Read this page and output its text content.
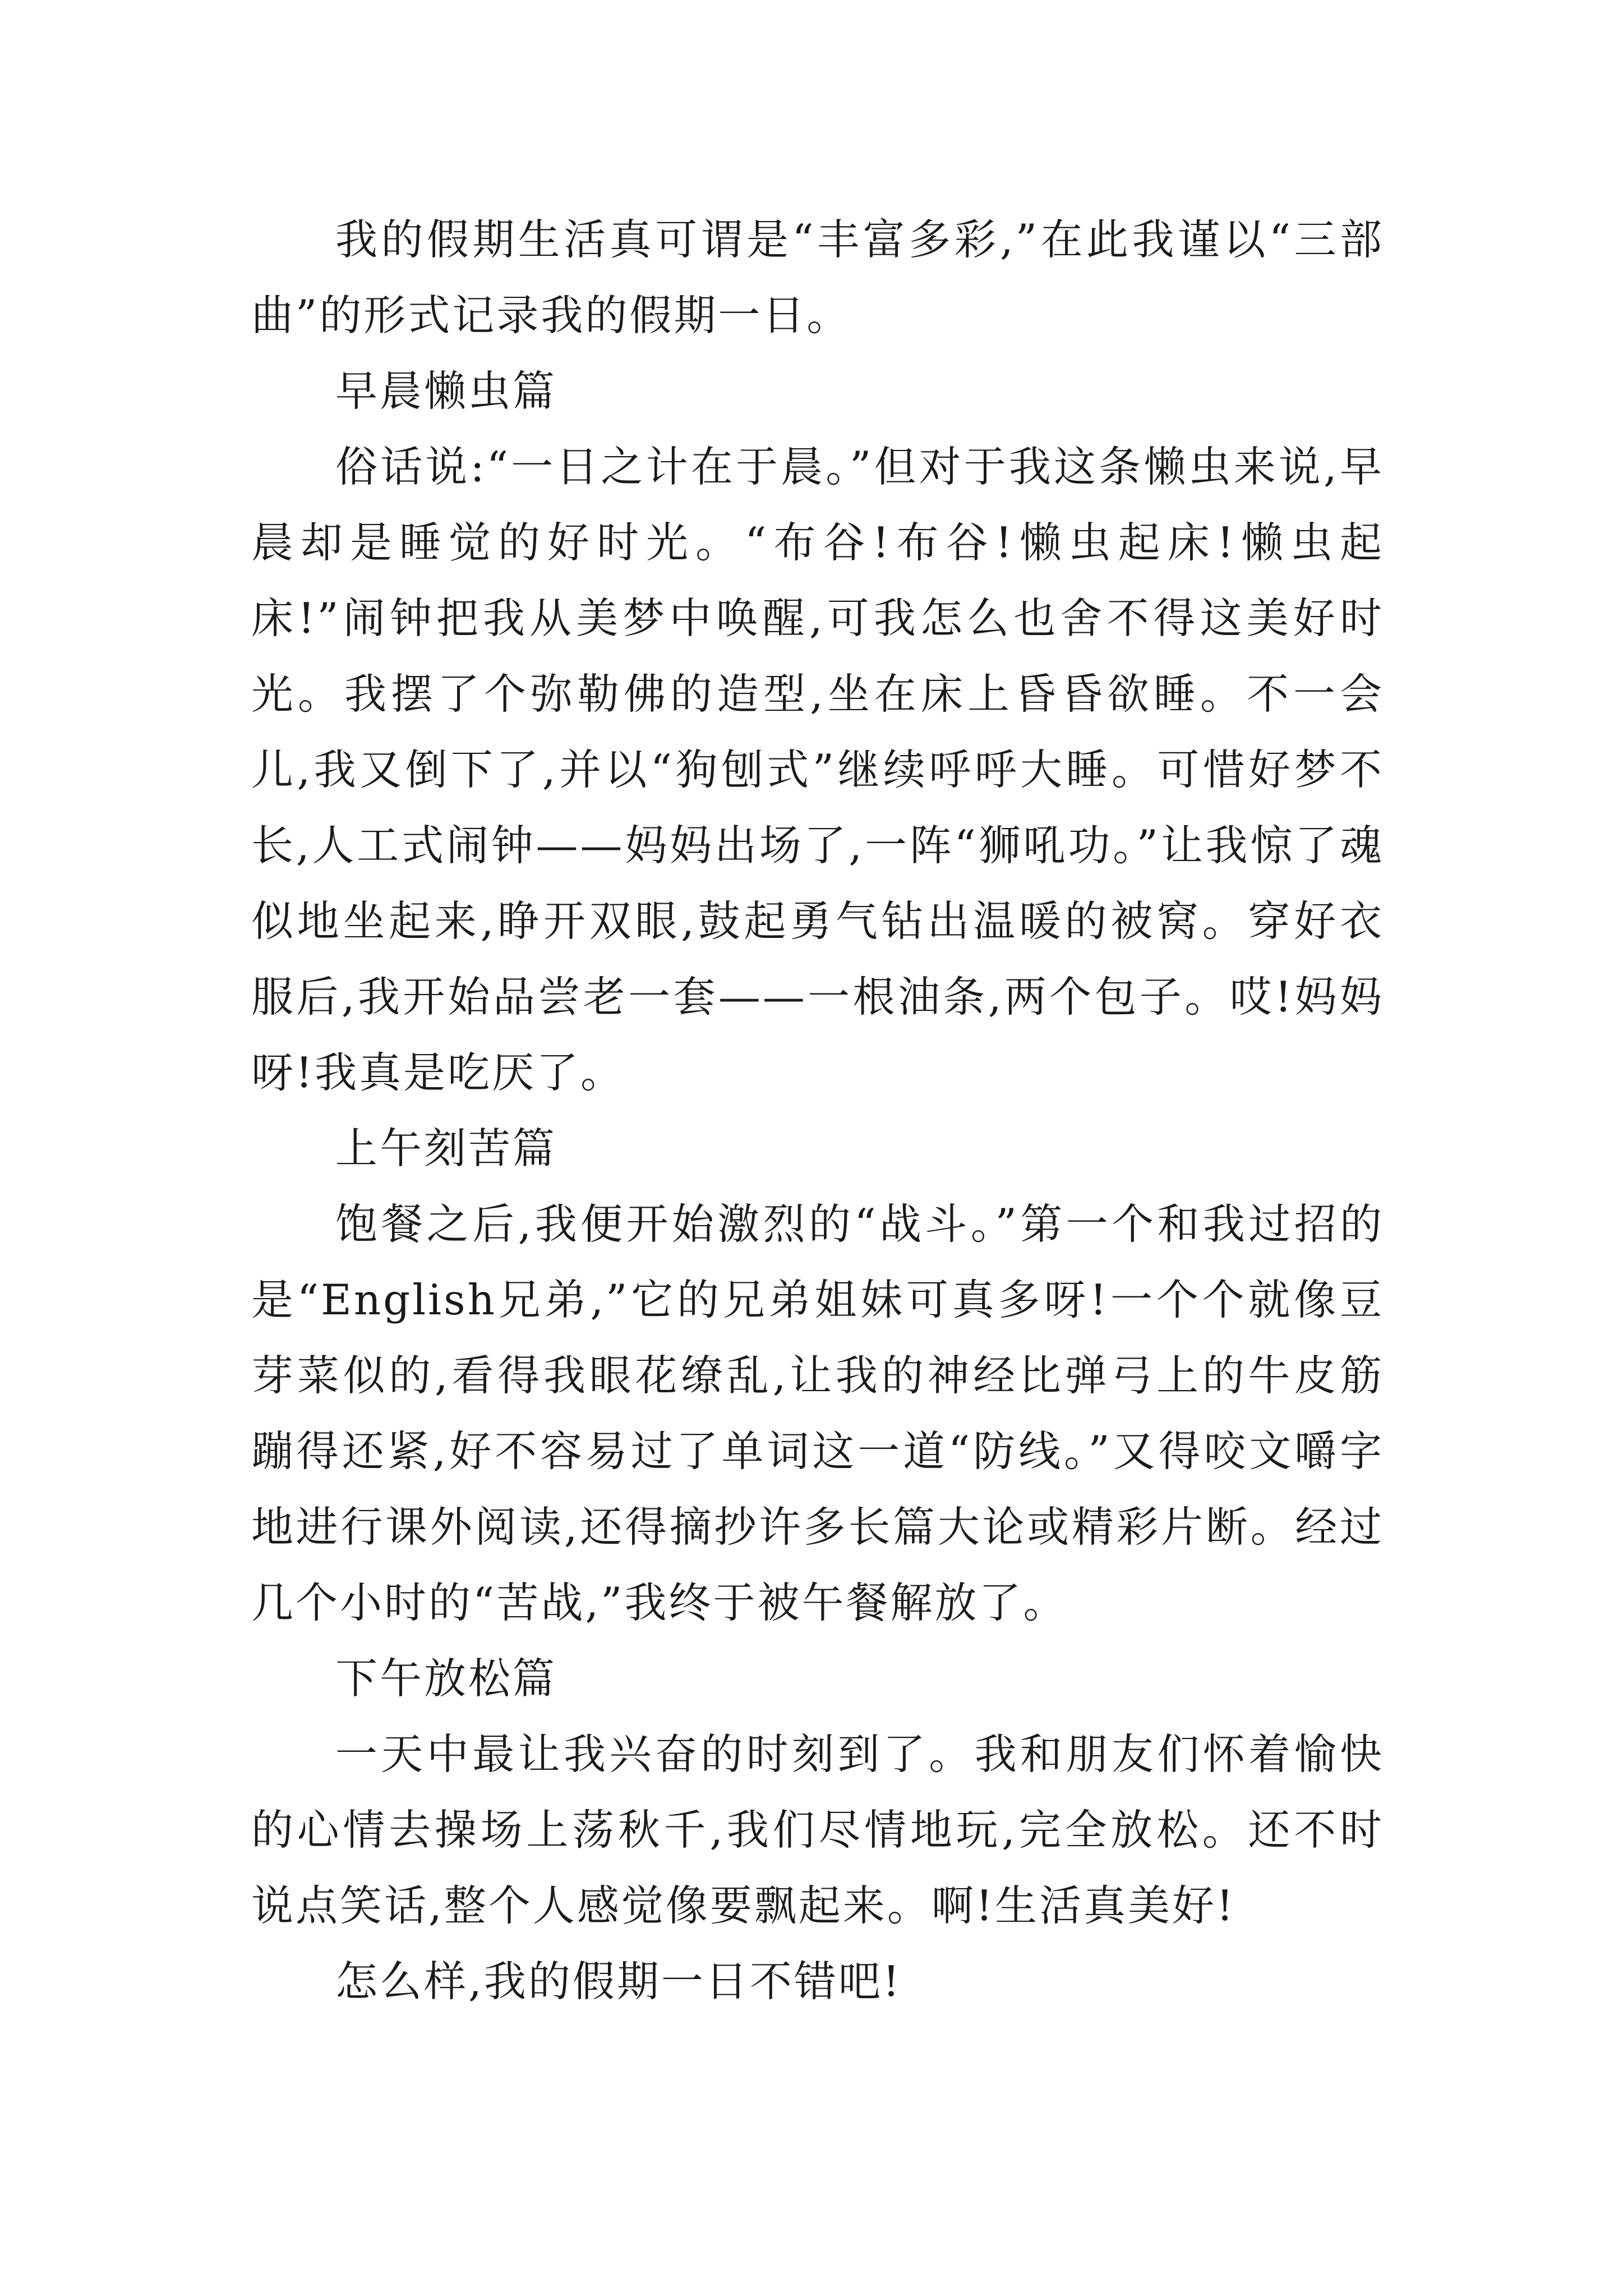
我的假期生活真可谓是“丰富多彩,”在此我谨以“三部曲”的形式记录我的假期一日。

早晨懒虫篇

俗话说:“一日之计在于晨。”但对于我这条懒虫来说,早晨却是睡觉的好时光。“布谷!布谷!懒虫起床!懒虫起床!”闹钟把我从美梦中唤醒,可我怎么也舍不得这美好时光。我摆了个弥勒佛的造型,坐在床上昏昏欲睡。不一会儿,我又倒下了,并以“狗刨式”继续呼呼大睡。可惜好梦不长,人工式闹钟——妈妈出场了,一阵“狮吼功。”让我惊了魂似地坐起来,睁开双眼,鼓起勇气钻出温暖的被窝。穿好衣服后,我开始品尝老一套——一根油条,两个包子。哎!妈妈呀!我真是吃厌了。

上午刻苦篇

饱餐之后,我便开始激烈的“战斗。”第一个和我过招的是“English兄弟,”它的兄弟姐妹可真多呀!一个个就像豆芽菜似的,看得我眼花缭乱,让我的神经比弹弓上的牛皮筋蹦得还紧,好不容易过了单词这一道“防线。”又得咬文嚼字地进行课外阅读,还得摘抄许多长篇大论或精彩片断。经过几个小时的“苦战,”我终于被午餐解放了。

下午放松篇

一天中最让我兴奋的时刻到了。我和朋友们怀着愉快的心情去操场上荡秋千,我们尽情地玩,完全放松。还不时说点笑话,整个人感觉像要飘起来。啊!生活真美好!

怎么样,我的假期一日不错吧!
